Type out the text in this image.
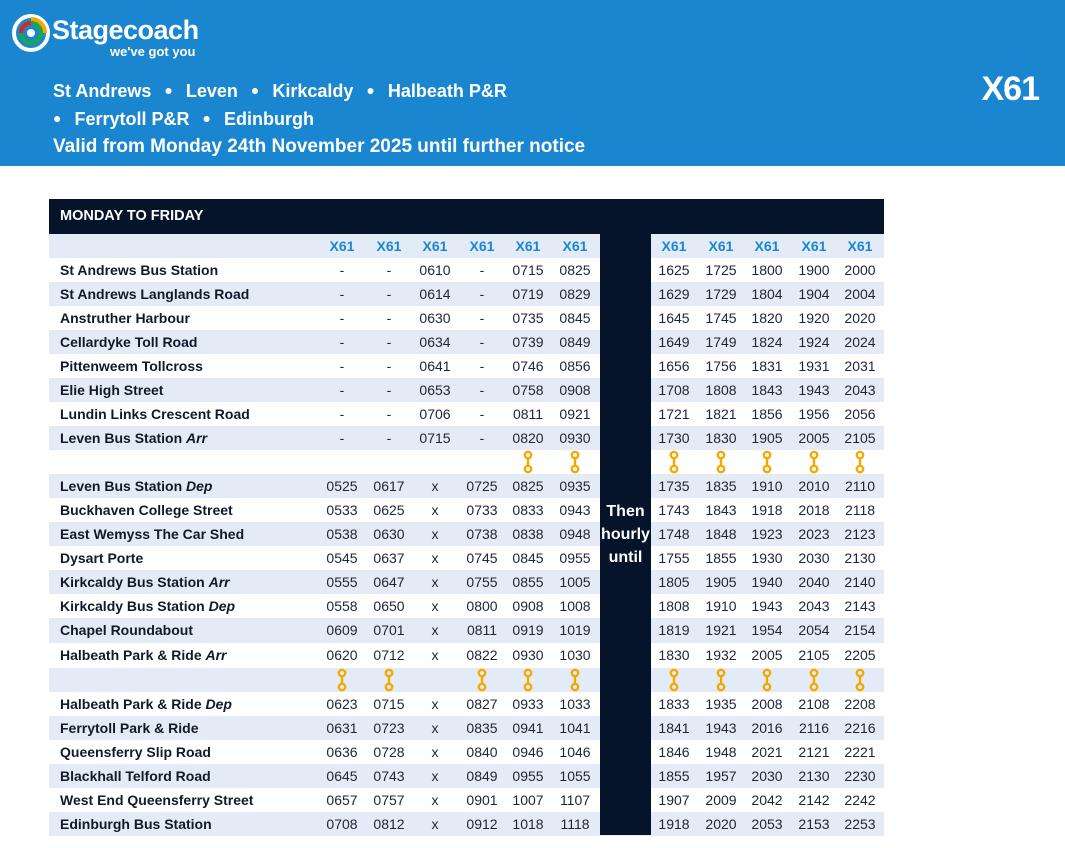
Stagecoach
we've got you
St Andrews ● Leven ● Kirkcaldy ● Halbeath P&R
● Ferrytoll P&R ● Edinburgh
Valid from Monday 24th November 2025 until further notice
X61
MONDAY TO FRIDAY
X61	X61	X61	X61	X61	X61	X61	X61	X61	X61	X61
St Andrews Bus Station	-	-	0610	-	0715	0825	1625	1725	1800	1900	2000
St Andrews Langlands Road	-	-	0614	-	0719	0829	1629	1729	1804	1904	2004
Anstruther Harbour	-	-	0630	-	0735	0845	1645	1745	1820	1920	2020
Cellardyke Toll Road	-	-	0634	-	0739	0849	1649	1749	1824	1924	2024
Pittenweem Tollcross	-	-	0641	-	0746	0856	1656	1756	1831	1931	2031
Elie High Street	-	-	0653	-	0758	0908	1708	1808	1843	1943	2043
Lundin Links Crescent Road	-	-	0706	-	0811	0921	1721	1821	1856	1956	2056
Leven Bus Station Arr	-	-	0715	-	0820	0930	1730	1830	1905	2005	2105
Leven Bus Station Dep	0525	0617	x	0725	0825	0935	1735	1835	1910	2010	2110
Buckhaven College Street	0533	0625	x	0733	0833	0943	1743	1843	1918	2018	2118
East Wemyss The Car Shed	0538	0630	x	0738	0838	0948	1748	1848	1923	2023	2123
Dysart Porte	0545	0637	x	0745	0845	0955	1755	1855	1930	2030	2130
Kirkcaldy Bus Station Arr	0555	0647	x	0755	0855	1005	1805	1905	1940	2040	2140
Kirkcaldy Bus Station Dep	0558	0650	x	0800	0908	1008	1808	1910	1943	2043	2143
Chapel Roundabout	0609	0701	x	0811	0919	1019	1819	1921	1954	2054	2154
Halbeath Park & Ride Arr	0620	0712	x	0822	0930	1030	1830	1932	2005	2105	2205
Halbeath Park & Ride Dep	0623	0715	x	0827	0933	1033	1833	1935	2008	2108	2208
Ferrytoll Park & Ride	0631	0723	x	0835	0941	1041	1841	1943	2016	2116	2216
Queensferry Slip Road	0636	0728	x	0840	0946	1046	1846	1948	2021	2121	2221
Blackhall Telford Road	0645	0743	x	0849	0955	1055	1855	1957	2030	2130	2230
West End Queensferry Street	0657	0757	x	0901	1007	1107	1907	2009	2042	2142	2242
Edinburgh Bus Station	0708	0812	x	0912	1018	1118	1918	2020	2053	2153	2253
Then
hourly
until
